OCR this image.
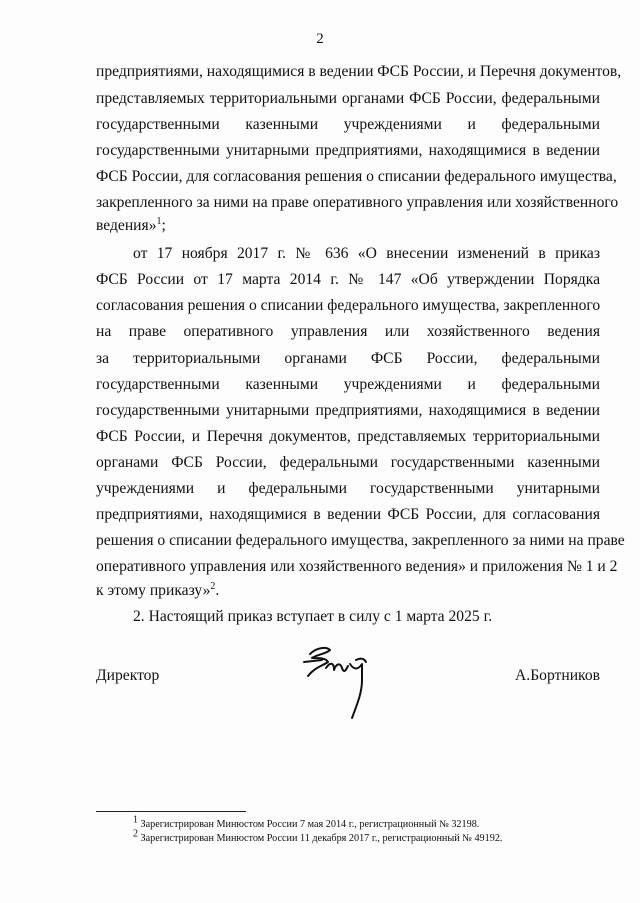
2
предприятиями, находящимися в ведении ФСБ России, и Перечня документов,
представляемых территориальными органами ФСБ России, федеральными
государственными казенными учреждениями и федеральными
государственными унитарными предприятиями, находящимися в ведении
ФСБ России, для согласования решения о списании федерального имущества,
закрепленного за ними на праве оперативного управления или хозяйственного
ведения»$^1$;
от 17 ноября 2017 г. № 636 «О внесении изменений в приказ
ФСБ России от 17 марта 2014 г. № 147 «Об утверждении Порядка
согласования решения о списании федерального имущества, закрепленного
на праве оперативного управления или хозяйственного ведения
за территориальными органами ФСБ России, федеральными
государственными казенными учреждениями и федеральными
государственными унитарными предприятиями, находящимися в ведении
ФСБ России, и Перечня документов, представляемых территориальными
органами ФСБ России, федеральными государственными казенными
учреждениями и федеральными государственными унитарными
предприятиями, находящимися в ведении ФСБ России, для согласования
решения о списании федерального имущества, закрепленного за ними на праве
оперативного управления или хозяйственного ведения» и приложения № 1 и 2
к этому приказу»$^2$.
2. Настоящий приказ вступает в силу с 1 марта 2025 г.
Директор	А.Бортников
$^1$ Зарегистрирован Минюстом России 7 мая 2014 г., регистрационный № 32198.
$^2$ Зарегистрирован Минюстом России 11 декабря 2017 г., регистрационный № 49192.
